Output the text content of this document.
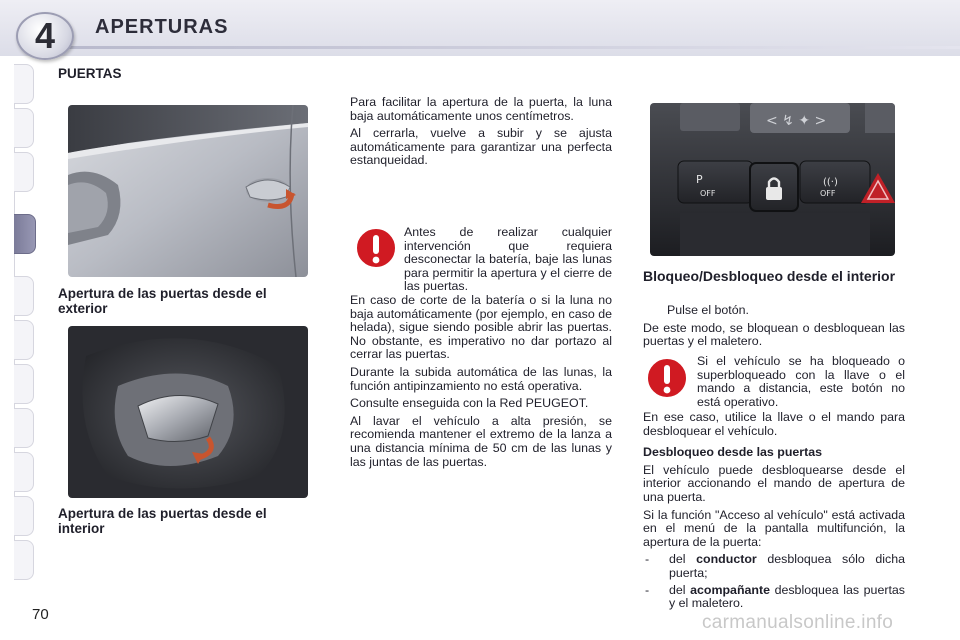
4	APERTURAS
PUERTAS
Apertura de las puertas desde el exterior
Apertura de las puertas desde el interior

Para facilitar la apertura de la puerta, la luna baja automáticamente unos centímetros.

Al cerrarla, vuelve a subir y se ajusta automáticamente para garantizar una perfecta estanqueidad.

Antes de realizar cualquier intervención que requiera desconectar la batería, baje las lunas para permitir la apertura y el cierre de las puertas.

En caso de corte de la batería o si la luna no baja automáticamente (por ejemplo, en caso de helada), sigue siendo posible abrir las puertas. No obstante, es imperativo no dar portazo al cerrar las puertas.

Durante la subida automática de las lunas, la función antipinzamiento no está operativa.

Consulte enseguida con la Red PEUGEOT.

Al lavar el vehículo a alta presión, se recomienda mantener el extremo de la lanza a una distancia mínima de 50 cm de las lunas y las juntas de las puertas.

< ↯ ✦ >
P
OFF
((·)
OFF
Bloqueo/Desbloqueo desde el interior

Pulse el botón.

De este modo, se bloquean o desbloquean las puertas y el maletero.

Si el vehículo se ha bloqueado o superbloqueado con la llave o el mando a distancia, este botón no está operativo.

En ese caso, utilice la llave o el mando para desbloquear el vehículo.

Desbloqueo desde las puertas

El vehículo puede desbloquearse desde el interior accionando el mando de apertura de una puerta.

Si la función "Acceso al vehículo" está activada en el menú de la pantalla multifunción, la apertura de la puerta:

- del conductor desbloquea sólo dicha puerta;
- del acompañante desbloquea las puertas y el maletero.
70	carmanualsonline.info
